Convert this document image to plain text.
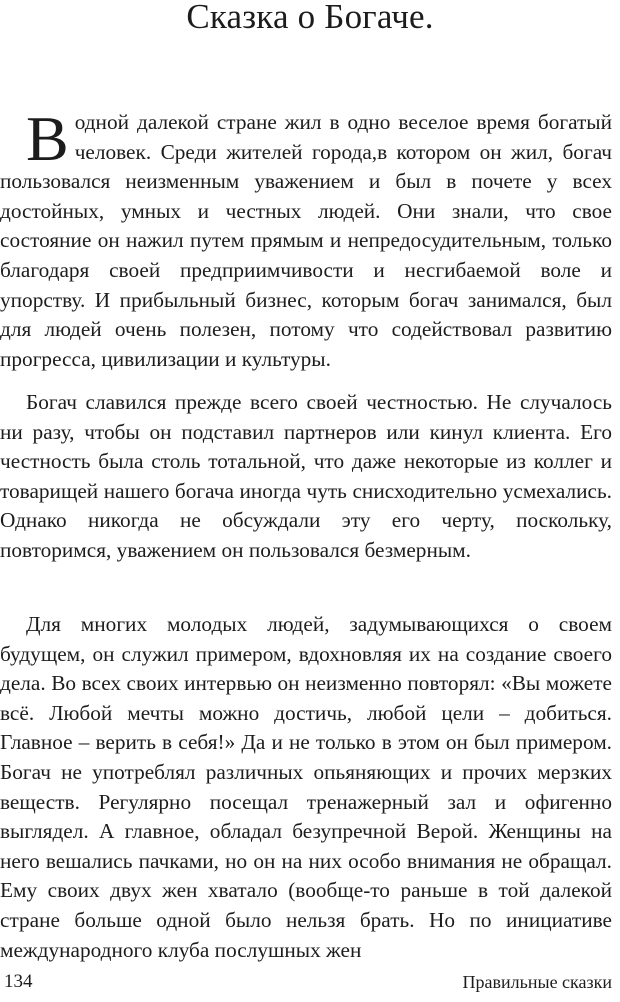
Сказка о Богаче.

Водной далекой стране жил в одно веселое время богатый человек. Среди жителей города,в котором он жил, богач пользовался неизменным уважением и был в почете у всех достойных, умных и честных людей. Они знали, что свое состояние он нажил путем прямым и непредосудительным, только благодаря своей предприимчивости и несгибаемой воле и упорству. И прибыльный бизнес, которым богач занимался, был для людей очень полезен, потому что содействовал развитию прогресса, цивилизации и культуры.

Богач славился прежде всего своей честностью. Не случалось ни разу, чтобы он подставил партнеров или кинул клиента. Его честность была столь тотальной, что даже некоторые из коллег и товарищей нашего богача иногда чуть снисходительно усмехались. Однако никогда не обсуждали эту его черту, поскольку, повторимся, уважением он пользовался безмерным.

Для многих молодых людей, задумывающихся о своем будущем, он служил примером, вдохновляя их на создание своего дела. Во всех своих интервью он неизменно повторял: «Вы можете всё. Любой мечты можно достичь, любой цели – добиться. Главное – верить в себя!» Да и не только в этом он был примером. Богач не употреблял различных опьяняющих и прочих мерзких веществ. Регулярно посещал тренажерный зал и офигенно выглядел. А главное, обладал безупречной Верой. Женщины на него вешались пачками, но он на них особо внимания не обращал. Ему своих двух жен хватало (вообще-то раньше в той далекой стране больше одной было нельзя брать. Но по инициативе международного клуба послушных жен

134	Правильные сказки
